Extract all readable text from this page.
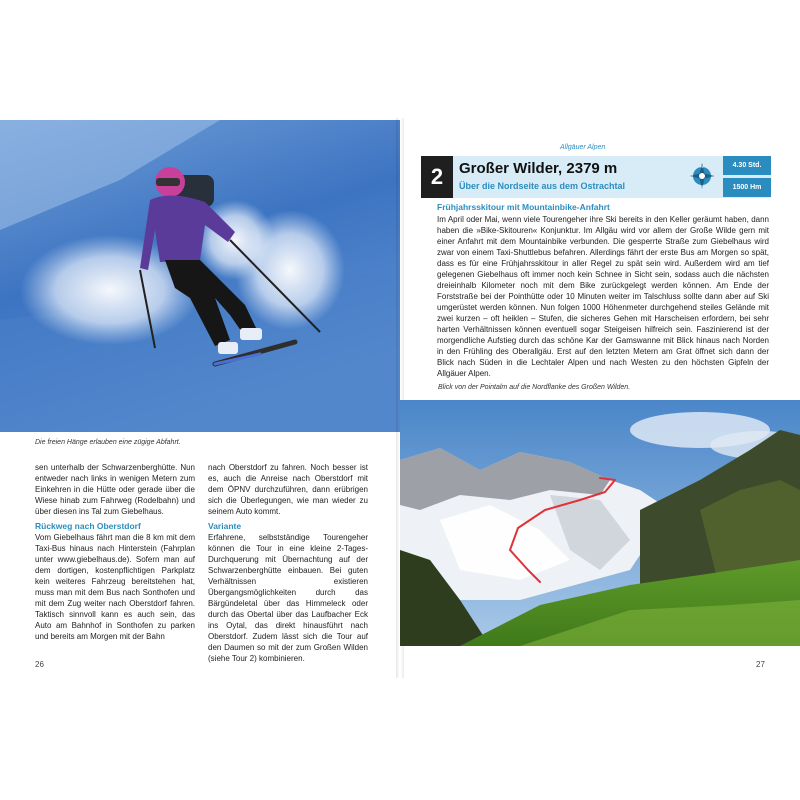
Die freien Hänge erlauben eine zügige Abfahrt.

sen unterhalb der Schwarzenberghütte. Nun entweder nach links in wenigen Metern zum Einkehren in die Hütte oder gerade über die Wiese hinab zum Fahrweg (Rodelbahn) und über diesen ins Tal zum Giebelhaus.

Rückweg nach Oberstdorf

Vom Giebelhaus fährt man die 8 km mit dem Taxi-Bus hinaus nach Hinterstein (Fahrplan unter www.giebelhaus.de). Sofern man auf dem dortigen, kostenpflichtigen Parkplatz kein weiteres Fahrzeug bereitstehen hat, muss man mit dem Bus nach Sonthofen und mit dem Zug weiter nach Oberstdorf fahren. Taktisch sinnvoll kann es auch sein, das Auto am Bahnhof in Sonthofen zu parken und bereits am Morgen mit der Bahn

nach Oberstdorf zu fahren. Noch besser ist es, auch die Anreise nach Oberstdorf mit dem ÖPNV durchzuführen, dann erübrigen sich die Überlegungen, wie man wieder zu seinem Auto kommt.

Variante

Erfahrene, selbstständige Tourengeher können die Tour in eine kleine 2-Tages-Durchquerung mit Übernachtung auf der Schwarzenberghütte einbauen. Bei guten Verhältnissen existieren Übergangsmöglichkeiten durch das Bärgündeletal über das Himmeleck oder durch das Obertal über das Laufbacher Eck ins Oytal, das direkt hinausführt nach Oberstdorf. Zudem lässt sich die Tour auf den Daumen so mit der zum Großen Wilden (siehe Tour 2) kombinieren.

26
Allgäuer Alpen
2	Großer Wilder, 2379 m
Über die Nordseite aus dem Ostrachtal
N
S
W	O
4.30 Std.
1500 Hm
Frühjahrsskitour mit Mountainbike-Anfahrt

Im April oder Mai, wenn viele Tourengeher ihre Ski bereits in den Keller geräumt haben, dann haben die »Bike-Skitouren« Konjunktur. Im Allgäu wird vor allem der Große Wilde gern mit einer Anfahrt mit dem Mountainbike verbunden. Die gesperrte Straße zum Giebelhaus wird zwar von einem Taxi-Shuttlebus befahren. Allerdings fährt der erste Bus am Morgen so spät, dass es für eine Frühjahrsskitour in aller Regel zu spät sein wird. Außerdem wird am tief gelegenen Giebelhaus oft immer noch kein Schnee in Sicht sein, sodass auch die nächsten dreieinhalb Kilometer noch mit dem Bike zurückgelegt werden können. Am Ende der Forststraße bei der Pointhütte oder 10 Minuten weiter im Talschluss sollte dann aber auf Ski umgerüstet werden können. Nun folgen 1000 Höhenmeter durchgehend steiles Gelände mit zwei kurzen – oft heiklen – Stufen, die sicheres Gehen mit Harscheisen erfordern, bei sehr harten Verhältnissen können eventuell sogar Steigeisen hilfreich sein. Faszinierend ist der morgendliche Aufstieg durch das schöne Kar der Gamswanne mit Blick hinaus nach Norden in den Frühling des Oberallgäu. Erst auf den letzten Metern am Grat öffnet sich dann der Blick nach Süden in die Lechtaler Alpen und nach Westen zu den höchsten Gipfeln der Allgäuer Alpen.

Blick von der Pointalm auf die Nordflanke des Großen Wilden.
27
